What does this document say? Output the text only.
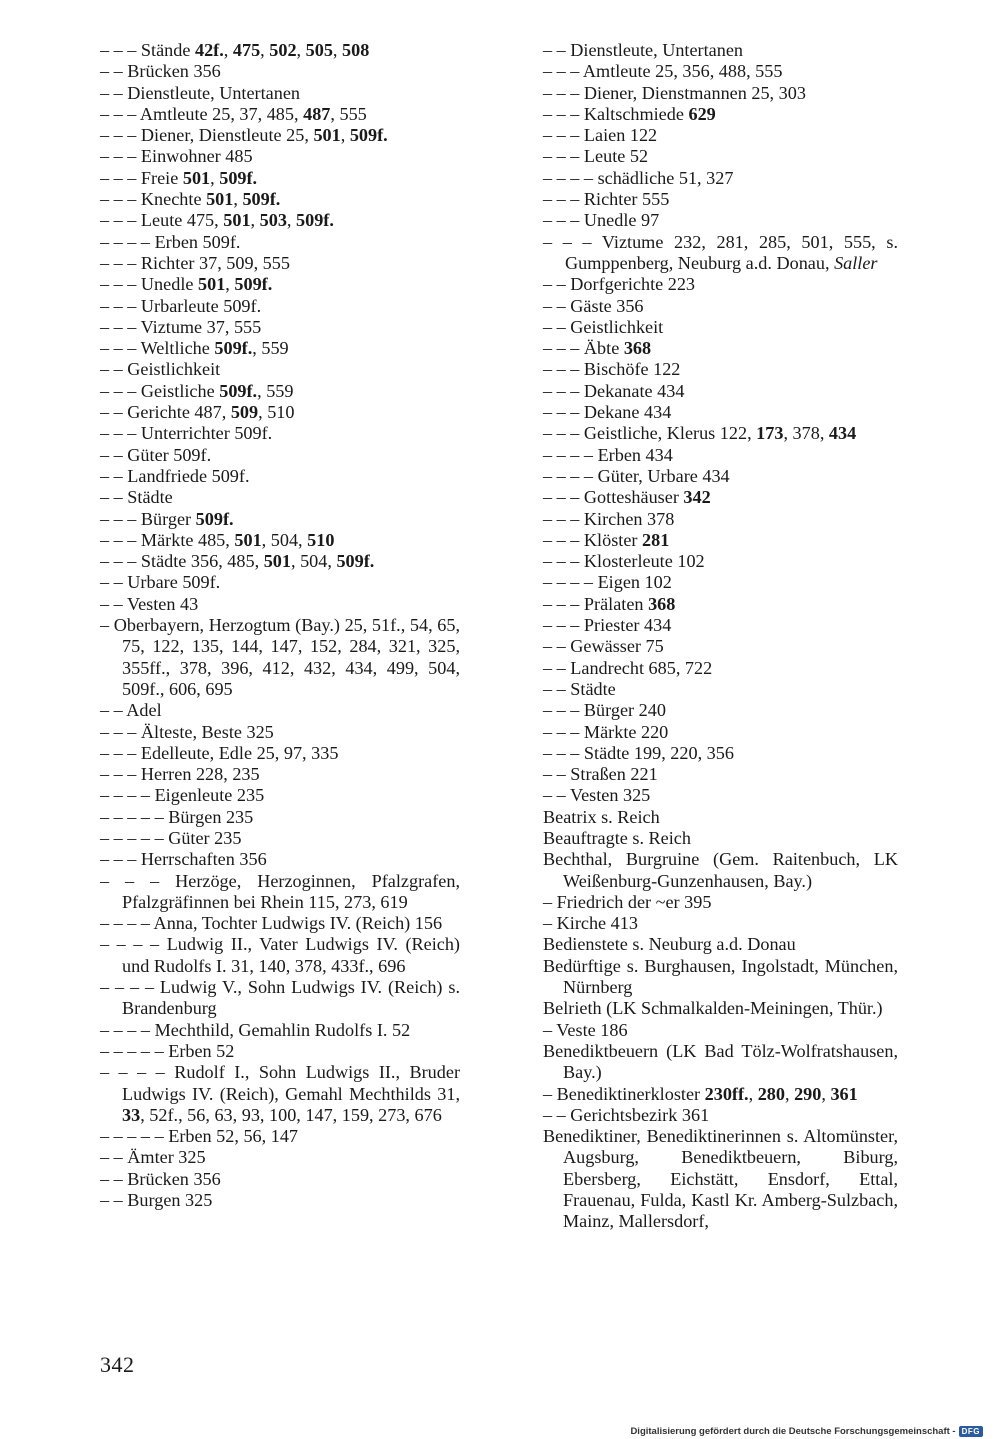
– – – Stände 42f., 475, 502, 505, 508
– – Brücken 356
– – Dienstleute, Untertanen
– – – Amtleute 25, 37, 485, 487, 555
– – – Diener, Dienstleute 25, 501, 509f.
– – – Einwohner 485
– – – Freie 501, 509f.
– – – Knechte 501, 509f.
– – – Leute 475, 501, 503, 509f.
– – – – Erben 509f.
– – – Richter 37, 509, 555
– – – Unedle 501, 509f.
– – – Urbarleute 509f.
– – – Viztume 37, 555
– – – Weltliche 509f., 559
– – Geistlichkeit
– – – Geistliche 509f., 559
– – Gerichte 487, 509, 510
– – – Unterrichter 509f.
– – Güter 509f.
– – Landfriede 509f.
– – Städte
– – – Bürger 509f.
– – – Märkte 485, 501, 504, 510
– – – Städte 356, 485, 501, 504, 509f.
– – Urbare 509f.
– – Vesten 43
– Oberbayern, Herzogtum (Bay.) 25, 51f., 54, 65, 75, 122, 135, 144, 147, 152, 284, 321, 325, 355ff., 378, 396, 412, 432, 434, 499, 504, 509f., 606, 695
– – Adel
– – – Älteste, Beste 325
– – – Edelleute, Edle 25, 97, 335
– – – Herren 228, 235
– – – – Eigenleute 235
– – – – – Bürgen 235
– – – – – Güter 235
– – – Herrschaften 356
– – – Herzöge, Herzoginnen, Pfalzgrafen, Pfalzgräfinnen bei Rhein 115, 273, 619
– – – – Anna, Tochter Ludwigs IV. (Reich) 156
– – – – Ludwig II., Vater Ludwigs IV. (Reich) und Rudolfs I. 31, 140, 378, 433f., 696
– – – – Ludwig V., Sohn Ludwigs IV. (Reich) s. Brandenburg
– – – – Mechthild, Gemahlin Rudolfs I. 52
– – – – – Erben 52
– – – – Rudolf I., Sohn Ludwigs II., Bruder Ludwigs IV. (Reich), Gemahl Mechthilds 31, 33, 52f., 56, 63, 93, 100, 147, 159, 273, 676
– – – – – Erben 52, 56, 147
– – Ämter 325
– – Brücken 356
– – Burgen 325
– – Dienstleute, Untertanen
– – – Amtleute 25, 356, 488, 555
– – – Diener, Dienstmannen 25, 303
– – – Kaltschmiede 629
– – – Laien 122
– – – Leute 52
– – – – schädliche 51, 327
– – – Richter 555
– – – Unedle 97
– – – Viztume 232, 281, 285, 501, 555, s. Gumppenberg, Neuburg a.d. Donau, Saller
– – Dorfgerichte 223
– – Gäste 356
– – Geistlichkeit
– – – Äbte 368
– – – Bischöfe 122
– – – Dekanate 434
– – – Dekane 434
– – – Geistliche, Klerus 122, 173, 378, 434
– – – – Erben 434
– – – – Güter, Urbare 434
– – – Gotteshäuser 342
– – – Kirchen 378
– – – Klöster 281
– – – Klosterleute 102
– – – – Eigen 102
– – – Prälaten 368
– – – Priester 434
– – Gewässer 75
– – Landrecht 685, 722
– – Städte
– – – Bürger 240
– – – Märkte 220
– – – Städte 199, 220, 356
– – Straßen 221
– – Vesten 325
Beatrix s. Reich
Beauftragte s. Reich
Bechthal, Burgruine (Gem. Raitenbuch, LK Weißenburg-Gunzenhausen, Bay.)
– Friedrich der ~er 395
– Kirche 413
Bedienstete s. Neuburg a.d. Donau
Bedürftige s. Burghausen, Ingolstadt, München, Nürnberg
Belrieth (LK Schmalkalden-Meiningen, Thür.)
– Veste 186
Benediktbeuern (LK Bad Tölz-Wolfratshausen, Bay.)
– Benediktinerkloster 230ff., 280, 290, 361
– – Gerichtsbezirk 361
Benediktiner, Benediktinerinnen s. Altomünster, Augsburg, Benediktbeuern, Biburg, Ebersberg, Eichstätt, Ensdorf, Ettal, Frauenau, Fulda, Kastl Kr. Amberg-Sulzbach, Mainz, Mallersdorf,
342
Digitalisierung gefördert durch die Deutsche Forschungsgemeinschaft - DFG
